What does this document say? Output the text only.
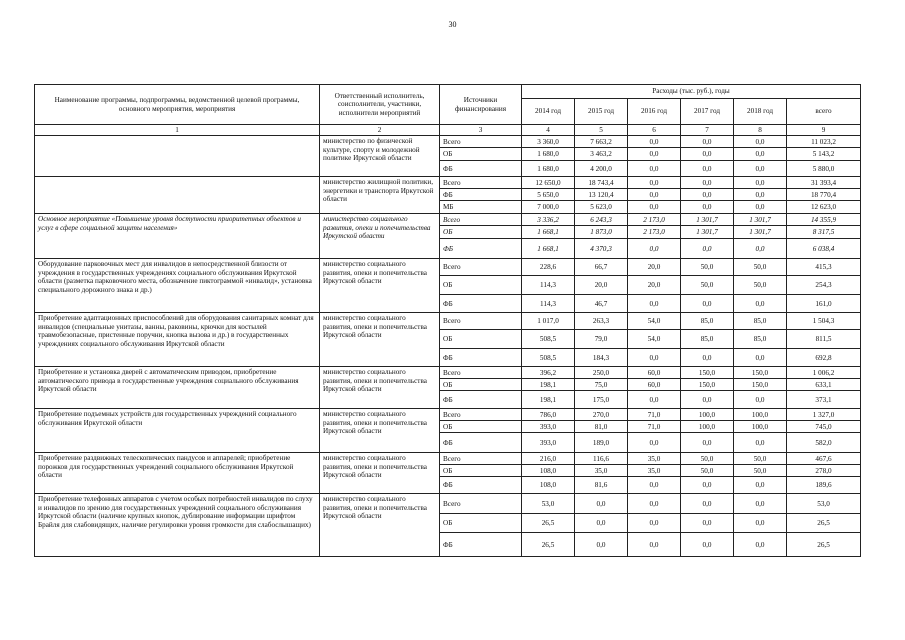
30
Наименование программы, подпрограммы, ведомственной целевой программы, основного мероприятия, мероприятия	Ответственный исполнитель, соисполнители, участники, исполнители мероприятий	Источники финансирования	Расходы (тыс. руб.), годы					
			2014 год	2015 год	2016 год	2017 год	2018 год	всего
1	2	3	4	5	6	7	8	9
	министерство по физической культуре, спорту и молодежной политике Иркутской области	Всего	3 360,0	7 663,2	0,0	0,0	0,0	11 023,2
		ОБ	1 680,0	3 463,2	0,0	0,0	0,0	5 143,2
		ФБ	1 680,0	4 200,0	0,0	0,0	0,0	5 880,0
	министерство жилищной политики, энергетики и транспорта Иркутской области	Всего	12 650,0	18 743,4	0,0	0,0	0,0	31 393,4
		ФБ	5 650,0	13 120,4	0,0	0,0	0,0	18 770,4
		МБ	7 000,0	5 623,0	0,0	0,0	0,0	12 623,0
Основное мероприятие «Повышение уровня доступности приоритетных объектов и услуг в сфере социальной защиты населения»	министерство социального развития, опеки и попечительства Иркутской области	Всего	3 336,2	6 243,3	2 173,0	1 301,7	1 301,7	14 355,9
		ОБ	1 668,1	1 873,0	2 173,0	1 301,7	1 301,7	8 317,5
		ФБ	1 668,1	4 370,3	0,0	0,0	0,0	6 038,4
Оборудование парковочных мест для инвалидов в непосредственной близости от учреждения в государственных учреждениях социального обслуживания Иркутской области (разметка парковочного места, обозначение пиктограммой «инвалид», установка специального дорожного знака и др.)	министерство социального развития, опеки и попечительства Иркутской области	Всего	228,6	66,7	20,0	50,0	50,0	415,3
		ОБ	114,3	20,0	20,0	50,0	50,0	254,3
		ФБ	114,3	46,7	0,0	0,0	0,0	161,0
Приобретение адаптационных приспособлений для оборудования санитарных комнат для инвалидов (специальные унитазы, ванны, раковины, крючки для костылей травмобезопасные, пристенные поручни, кнопка вызова и др.) в государственных учреждениях социального обслуживания Иркутской области	министерство социального развития, опеки и попечительства Иркутской области	Всего	1 017,0	263,3	54,0	85,0	85,0	1 504,3
		ОБ	508,5	79,0	54,0	85,0	85,0	811,5
		ФБ	508,5	184,3	0,0	0,0	0,0	692,8
Приобретение и установка дверей с автоматическим приводом, приобретение автоматического привода в государственные учреждения социального обслуживания Иркутской области	министерство социального развития, опеки и попечительства Иркутской области	Всего	396,2	250,0	60,0	150,0	150,0	1 006,2
		ОБ	198,1	75,0	60,0	150,0	150,0	633,1
		ФБ	198,1	175,0	0,0	0,0	0,0	373,1
Приобретение подъемных устройств для государственных учреждений социального обслуживания Иркутской области	министерство социального развития, опеки и попечительства Иркутской области	Всего	786,0	270,0	71,0	100,0	100,0	1 327,0
		ОБ	393,0	81,0	71,0	100,0	100,0	745,0
		ФБ	393,0	189,0	0,0	0,0	0,0	582,0
Приобретение раздвижных телескопических пандусов и аппарелей; приобретение порожков для государственных учреждений социального обслуживания Иркутской области	министерство социального развития, опеки и попечительства Иркутской области	Всего	216,0	116,6	35,0	50,0	50,0	467,6
		ОБ	108,0	35,0	35,0	50,0	50,0	278,0
		ФБ	108,0	81,6	0,0	0,0	0,0	189,6
Приобретение телефонных аппаратов с учетом особых потребностей инвалидов по слуху и инвалидов по зрению для государственных учреждений социального обслуживания Иркутской области (наличие крупных кнопок, дублирование информации шрифтом Брайля для слабовидящих, наличие регулировки уровня громкости для слабослышащих)	министерство социального развития, опеки и попечительства Иркутской области	Всего	53,0	0,0	0,0	0,0	0,0	53,0
		ОБ	26,5	0,0	0,0	0,0	0,0	26,5
		ФБ	26,5	0,0	0,0	0,0	0,0	26,5
